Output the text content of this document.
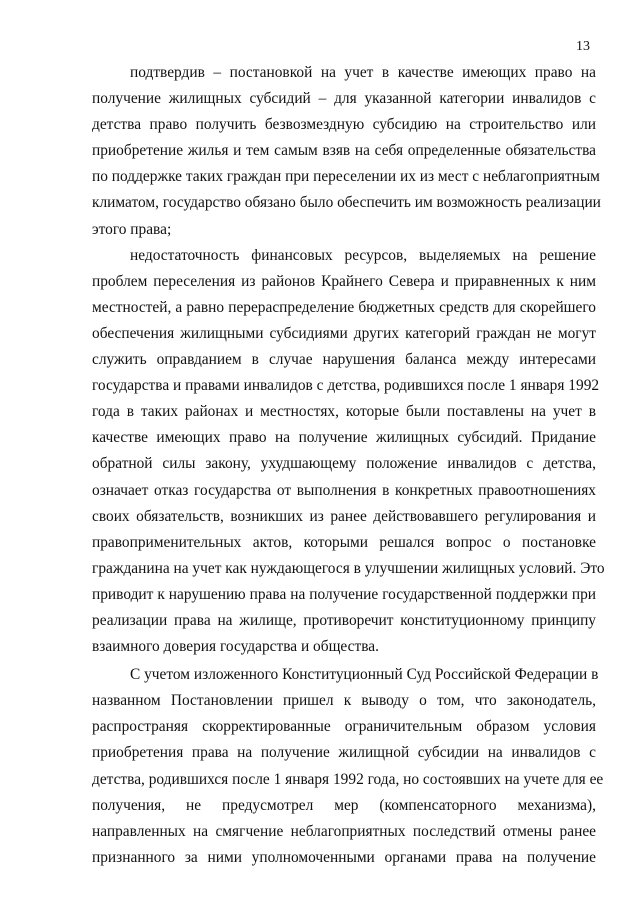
13
подтвердив – постановкой на учет в качестве имеющих право на
получение жилищных субсидий – для указанной категории инвалидов с
детства право получить безвозмездную субсидию на строительство или
приобретение жилья и тем самым взяв на себя определенные обязательства
по поддержке таких граждан при переселении их из мест с неблагоприятным
климатом, государство обязано было обеспечить им возможность реализации
этого права;
недостаточность финансовых ресурсов, выделяемых на решение
проблем переселения из районов Крайнего Севера и приравненных к ним
местностей, а равно перераспределение бюджетных средств для скорейшего
обеспечения жилищными субсидиями других категорий граждан не могут
служить оправданием в случае нарушения баланса между интересами
государства и правами инвалидов с детства, родившихся после 1 января 1992
года в таких районах и местностях, которые были поставлены на учет в
качестве имеющих право на получение жилищных субсидий. Придание
обратной силы закону, ухудшающему положение инвалидов с детства,
означает отказ государства от выполнения в конкретных правоотношениях
своих обязательств, возникших из ранее действовавшего регулирования и
правоприменительных актов, которыми решался вопрос о постановке
гражданина на учет как нуждающегося в улучшении жилищных условий. Это
приводит к нарушению права на получение государственной поддержки при
реализации права на жилище, противоречит конституционному принципу
взаимного доверия государства и общества.
С учетом изложенного Конституционный Суд Российской Федерации в
названном Постановлении пришел к выводу о том, что законодатель,
распространяя скорректированные ограничительным образом условия
приобретения права на получение жилищной субсидии на инвалидов с
детства, родившихся после 1 января 1992 года, но состоявших на учете для ее
получения, не предусмотрел мер (компенсаторного механизма),
направленных на смягчение неблагоприятных последствий отмены ранее
признанного за ними уполномоченными органами права на получение
